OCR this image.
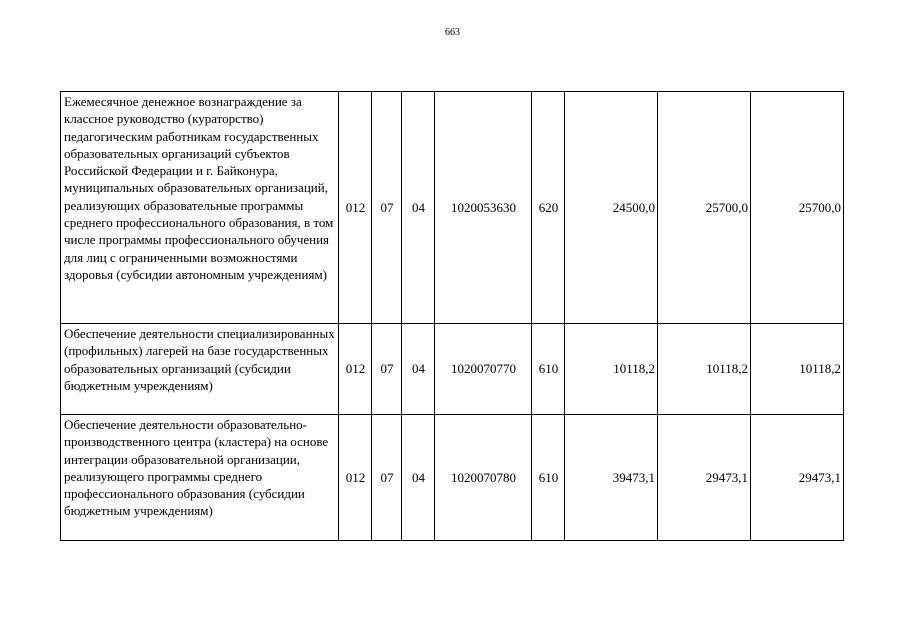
663
Ежемесячное денежное вознаграждение за классное руководство (кураторство) педагогическим работникам государственных образовательных организаций субъектов Российской Федерации и г. Байконура, муниципальных образовательных организаций, реализующих образовательные программы среднего профессионального образования, в том числе программы профессионального обучения для лиц с ограниченными возможностями здоровья (субсидии автономным учреждениям)	012	07	04	1020053630	620	24500,0	25700,0	25700,0
Обеспечение деятельности специализированных (профильных) лагерей на базе государственных образовательных организаций (субсидии бюджетным учреждениям)	012	07	04	1020070770	610	10118,2	10118,2	10118,2
Обеспечение деятельности образовательно-производственного центра (кластера) на основе интеграции образовательной организации, реализующего программы среднего профессионального образования (субсидии бюджетным учреждениям)	012	07	04	1020070780	610	39473,1	29473,1	29473,1
